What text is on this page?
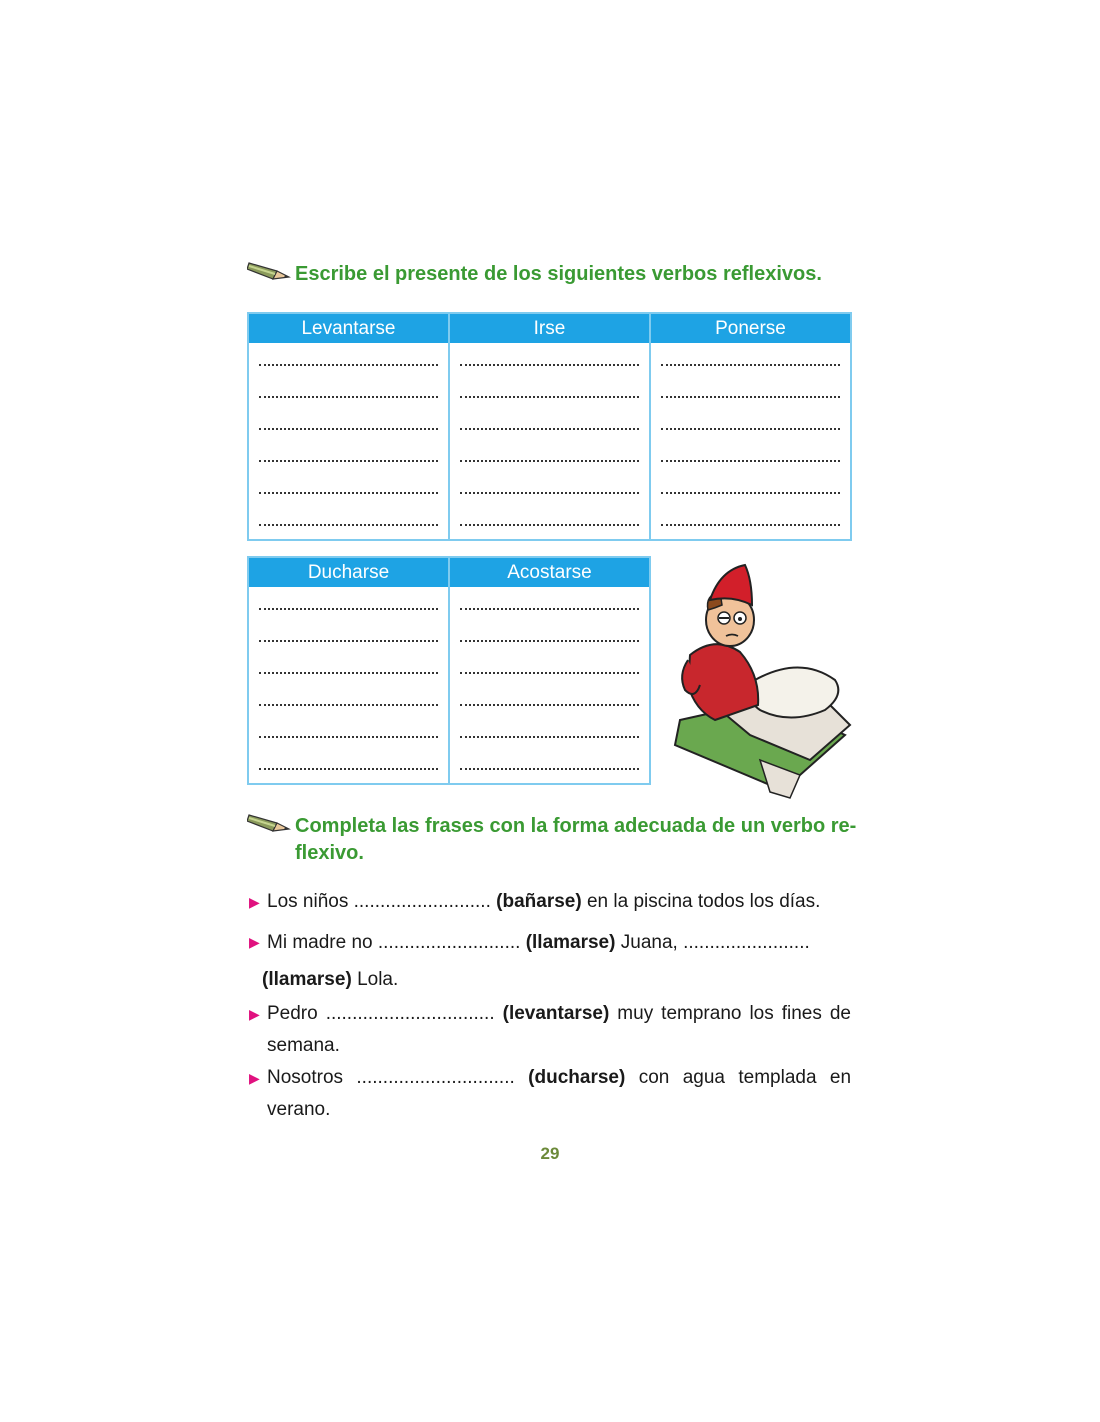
Escribe el presente de los siguientes verbos reflexivos.
Levantarse	Irse	Ponerse

Ducharse	Acostarse

Completa las frases con la forma adecuada de un verbo re-
flexivo.
▶ Los niños .......................... (bañarse) en la piscina todos los días.
▶ Mi madre no ........................... (llamarse) Juana, ........................
(llamarse) Lola.
▶ Pedro ................................ (levantarse) muy temprano los fines de semana.
▶ Nosotros .............................. (ducharse) con agua templada en verano.
29
